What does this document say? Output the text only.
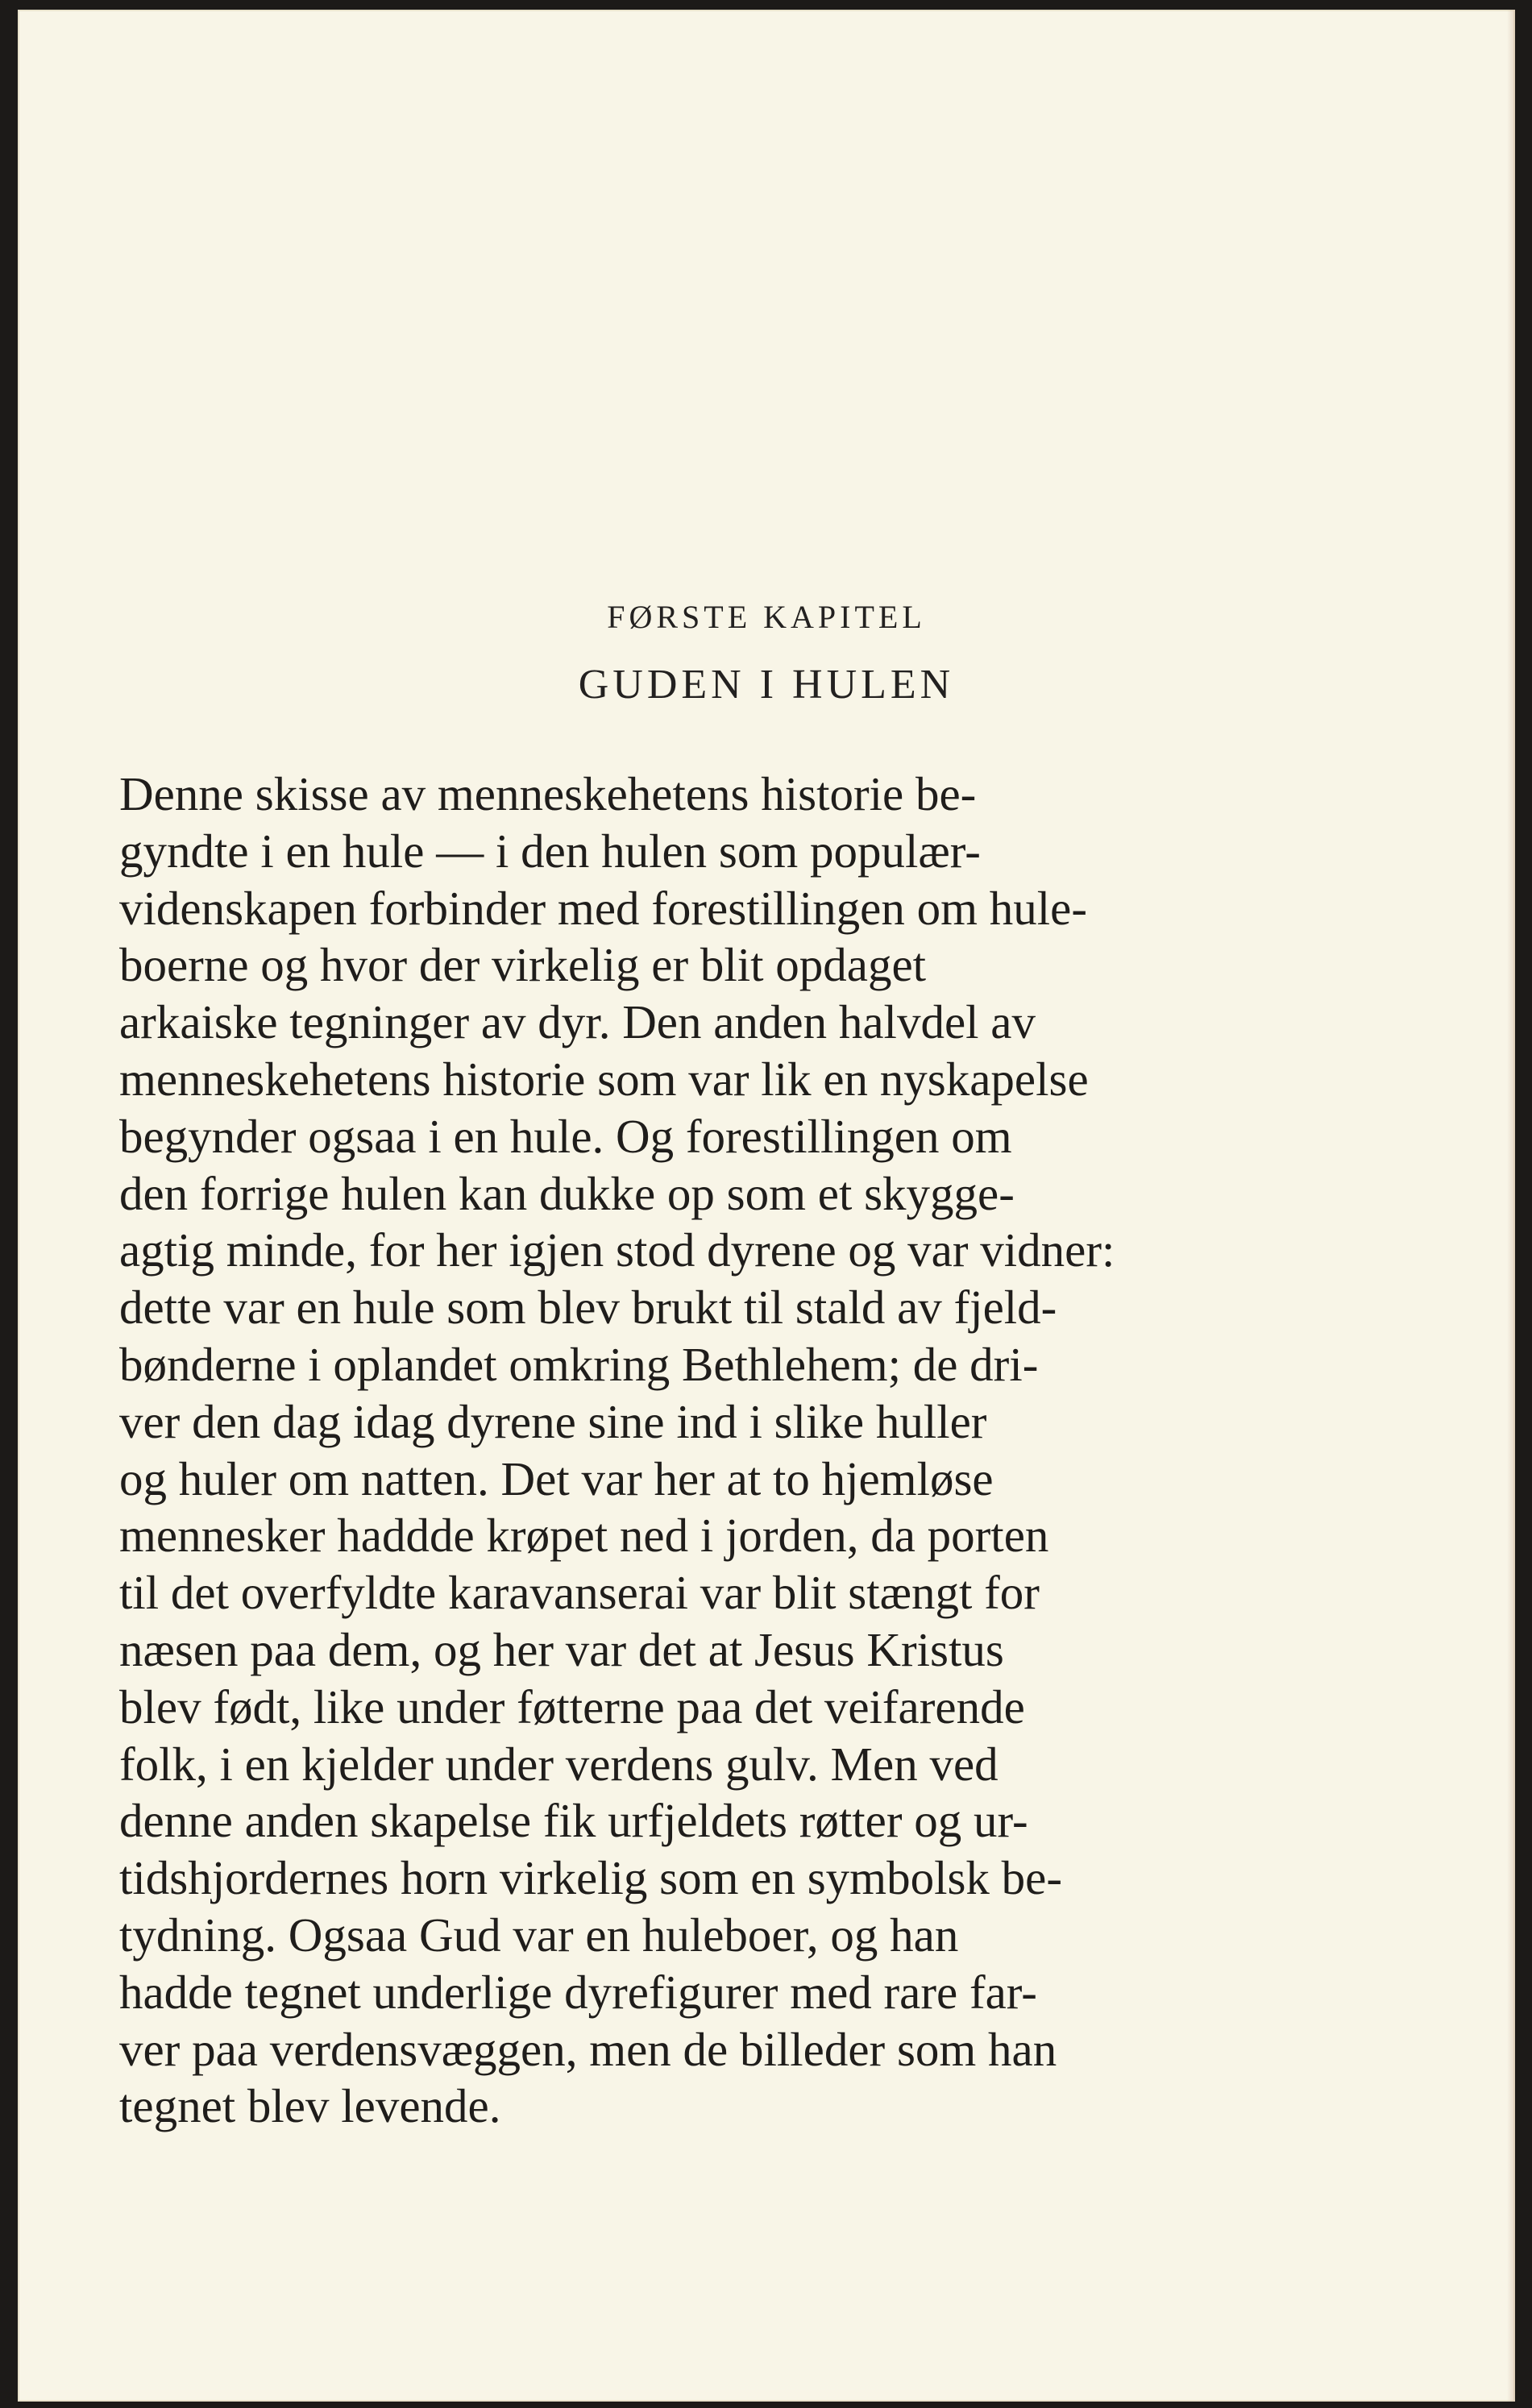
FØRSTE KAPITEL
GUDEN I HULEN
Denne skisse av menneskehetens historie be-
gyndte i en hule — i den hulen som populær-
videnskapen forbinder med forestillingen om hule-
boerne og hvor der virkelig er blit opdaget
arkaiske tegninger av dyr. Den anden halvdel av
menneskehetens historie som var lik en nyskapelse
begynder ogsaa i en hule. Og forestillingen om
den forrige hulen kan dukke op som et skygge-
agtig minde, for her igjen stod dyrene og var vidner:
dette var en hule som blev brukt til stald av fjeld-
bønderne i oplandet omkring Bethlehem; de dri-
ver den dag idag dyrene sine ind i slike huller
og huler om natten. Det var her at to hjemløse
mennesker haddde krøpet ned i jorden, da porten
til det overfyldte karavanserai var blit stængt for
næsen paa dem, og her var det at Jesus Kristus
blev født, like under føtterne paa det veifarende
folk, i en kjelder under verdens gulv. Men ved
denne anden skapelse fik urfjeldets røtter og ur-
tidshjordernes horn virkelig som en symbolsk be-
tydning. Ogsaa Gud var en huleboer, og han
hadde tegnet underlige dyrefigurer med rare far-
ver paa verdensvæggen, men de billeder som han
tegnet blev levende.
